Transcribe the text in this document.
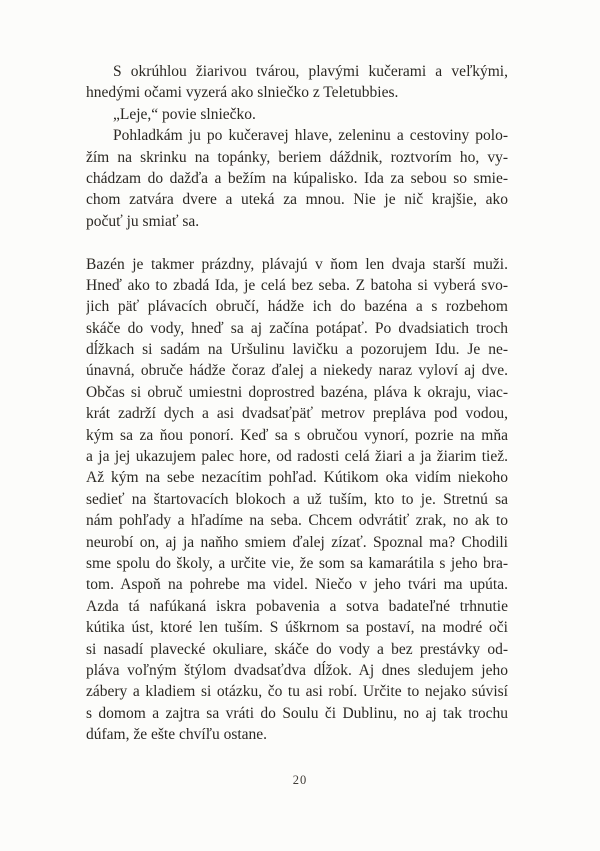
S okrúhlou žiarivou tvárou, plavými kučerami a veľkými,
hnedými očami vyzerá ako slniečko z Teletubbies.
„Leje,“ povie slniečko.
Pohladkám ju po kučeravej hlave, zeleninu a cestoviny polo-
žím na skrinku na topánky, beriem dáždnik, roztvorím ho, vy-
chádzam do dažďa a bežím na kúpalisko. Ida za sebou so smie-
chom zatvára dvere a uteká za mnou. Nie je nič krajšie, ako
počuť ju smiať sa.
Bazén je takmer prázdny, plávajú v ňom len dvaja starší muži.
Hneď ako to zbadá Ida, je celá bez seba. Z batoha si vyberá svo-
jich päť plávacích obručí, hádže ich do bazéna a s rozbehom
skáče do vody, hneď sa aj začína potápať. Po dvadsiatich troch
dĺžkach si sadám na Uršulinu lavičku a pozorujem Idu. Je ne-
únavná, obruče hádže čoraz ďalej a niekedy naraz vyloví aj dve.
Občas si obruč umiestni doprostred bazéna, pláva k okraju, viac-
krát zadrží dych a asi dvadsaťpäť metrov prepláva pod vodou,
kým sa za ňou ponorí. Keď sa s obručou vynorí, pozrie na mňa
a ja jej ukazujem palec hore, od radosti celá žiari a ja žiarim tiež.
Až kým na sebe nezacítim pohľad. Kútikom oka vidím niekoho
sedieť na štartovacích blokoch a už tuším, kto to je. Stretnú sa
nám pohľady a hľadíme na seba. Chcem odvrátiť zrak, no ak to
neurobí on, aj ja naňho smiem ďalej zízať. Spoznal ma? Chodili
sme spolu do školy, a určite vie, že som sa kamarátila s jeho bra-
tom. Aspoň na pohrebe ma videl. Niečo v jeho tvári ma upúta.
Azda tá nafúkaná iskra pobavenia a sotva badateľné trhnutie
kútika úst, ktoré len tuším. S úškrnom sa postaví, na modré oči
si nasadí plavecké okuliare, skáče do vody a bez prestávky od-
pláva voľným štýlom dvadsaťdva dĺžok. Aj dnes sledujem jeho
zábery a kladiem si otázku, čo tu asi robí. Určite to nejako súvisí
s domom a zajtra sa vráti do Soulu či Dublinu, no aj tak trochu
dúfam, že ešte chvíľu ostane.
20
